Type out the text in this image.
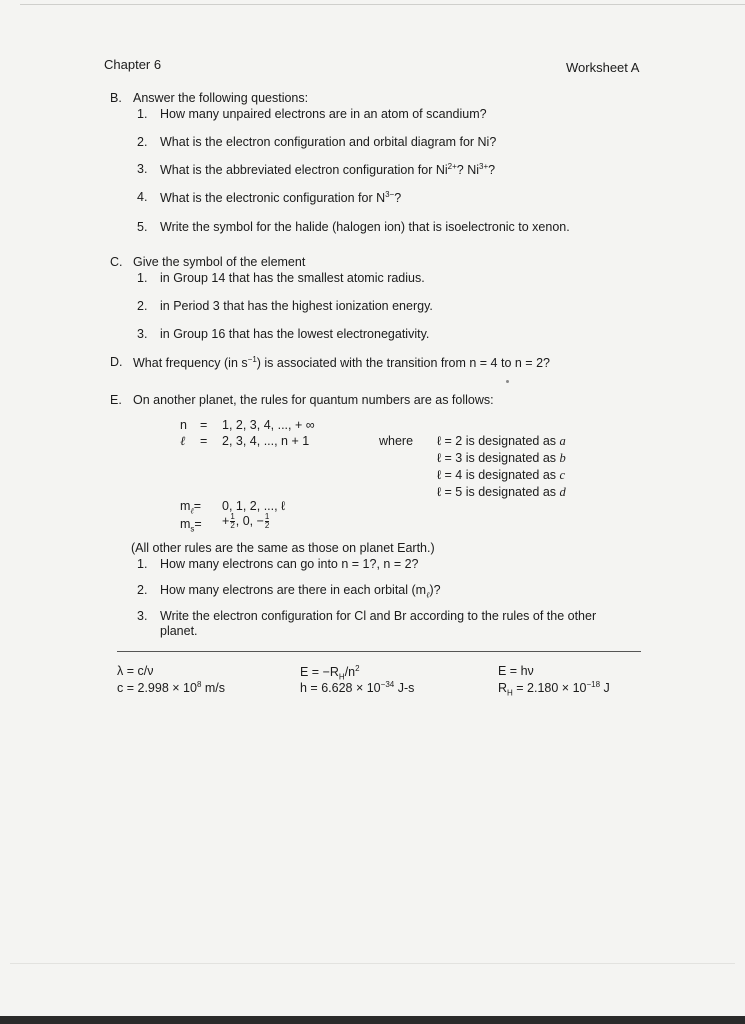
Chapter 6	Worksheet A
B. Answer the following questions:
1. How many unpaired electrons are in an atom of scandium?
2. What is the electron configuration and orbital diagram for Ni?
3. What is the abbreviated electron configuration for $Ni^{2+}$? $Ni^{3+}$?
4. What is the electronic configuration for $N^{3-}$?
5. Write the symbol for the halide (halogen ion) that is isoelectronic to xenon.
C. Give the symbol of the element
1. in Group 14 that has the smallest atomic radius.
2. in Period 3 that has the highest ionization energy.
3. in Group 16 that has the lowest electronegativity.
D. What frequency (in $s^{-1}$) is associated with the transition from n = 4 to n = 2?
E. On another planet, the rules for quantum numbers are as follows:
n = 1, 2, 3, 4, ..., + ∞
ℓ = 2, 3, 4, ..., n + 1	where ℓ = 2 is designated as a
ℓ = 3 is designated as b
ℓ = 4 is designated as c
ℓ = 5 is designated as d
$m_\ell= 0$, 1, 2, ..., ℓ
$m_s= + \frac{1}{2}$ , 0, − $\frac{1}{2}$
(All other rules are the same as those on planet Earth.)
1. How many electrons can go into n = 1?, n = 2?
2. How many electrons are there in each orbital $(m_\ell)$?
3. Write the electron configuration for Cl and Br according to the rules of the other
planet.
λ = c/ν
$c = 2.998 \times 10^8$ m/s
$E = -R_H/n^2$
$h = 6.628 \times 10^{-34}$ J-s
E = hν
$R_H = 2.180 \times 10^{-18}$ J
